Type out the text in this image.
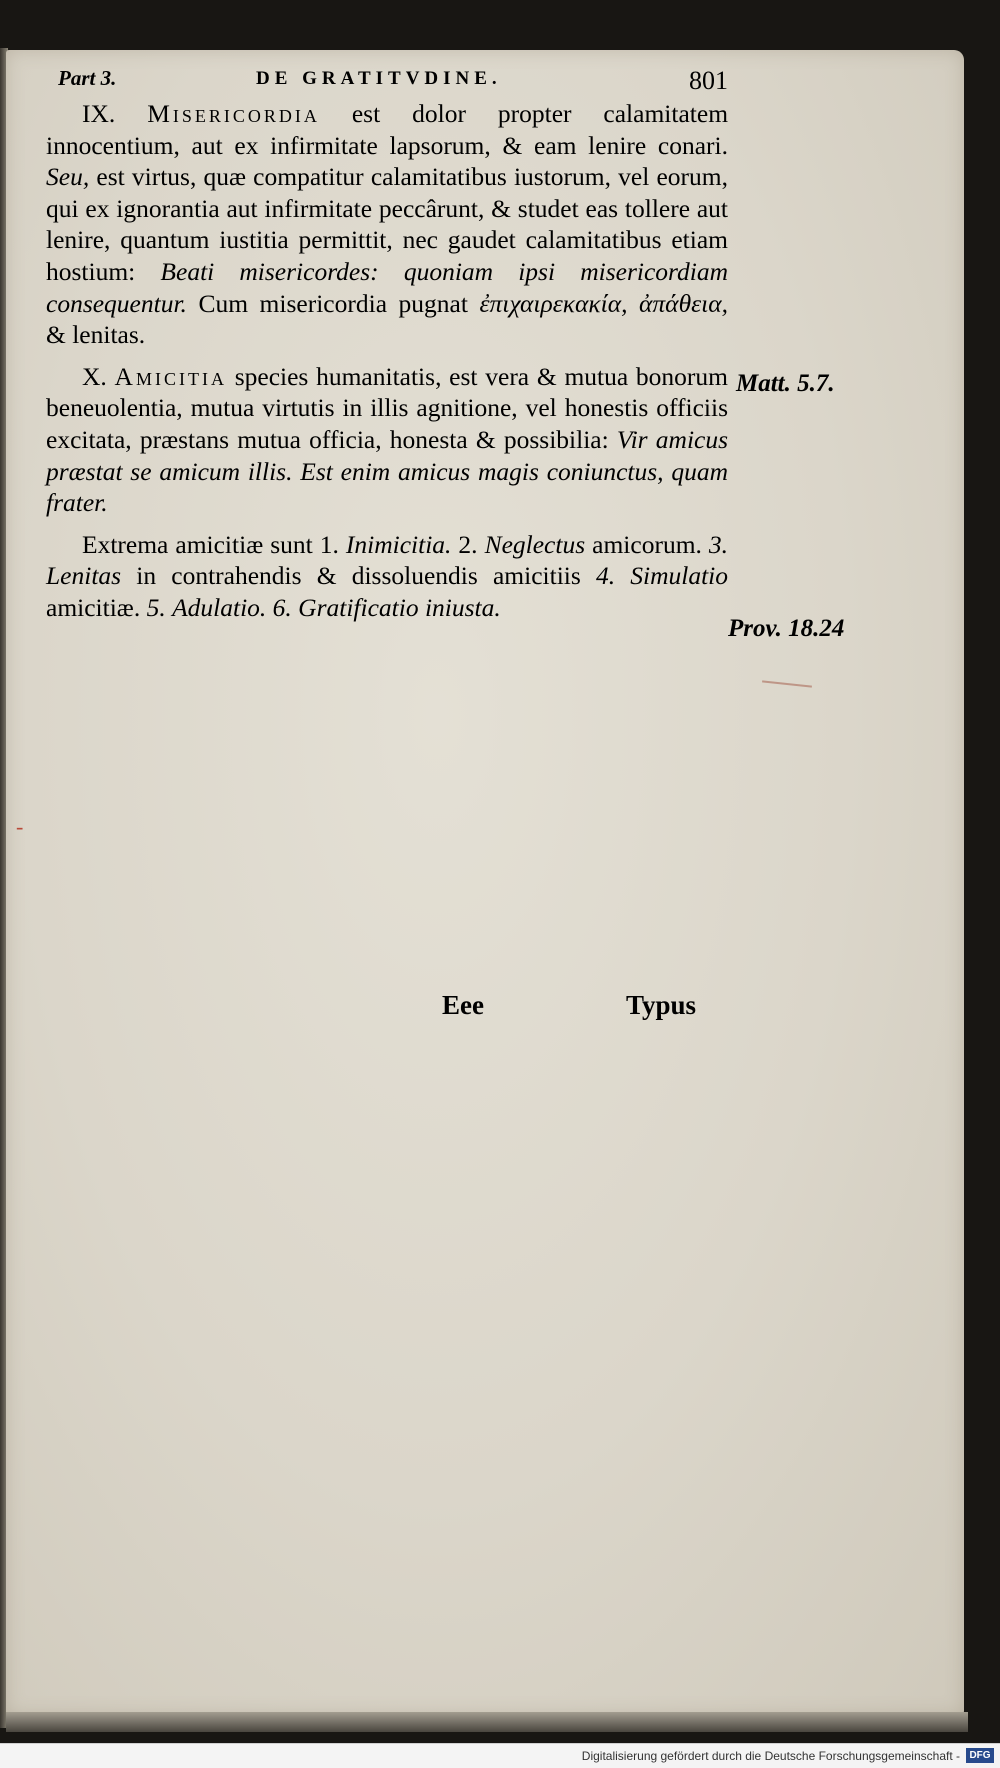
Part 3.	DE GRATITVDINE.	801

IX. Misericordia est dolor propter calamitatem innocentium, aut ex infirmitate lapsorum, & eam lenire conari. Seu, est virtus, quæ compatitur calamitatibus iustorum, vel eorum, qui ex ignorantia aut infirmitate peccârunt, & studet eas tollere aut lenire, quantum iustitia permittit, nec gaudet calamitatibus etiam hostium: Beati misericordes: quoniam ipsi misericordiam consequentur. Cum misericordia pugnat ἐπιχαιρεκακία, ἀπάθεια, & lenitas.

X. Amicitia species humanitatis, est vera & mutua bonorum beneuolentia, mutua virtutis in illis agnitione, vel honestis officiis excitata, præstans mutua officia, honesta & possibilia: Vir amicus præstat se amicum illis. Est enim amicus magis coniunctus, quam frater.

Extrema amicitiæ sunt 1. Inimicitia. 2. Neglectus amicorum. 3. Lenitas in contrahendis & dissoluendis amicitiis 4. Simulatio amicitiæ. 5. Adulatio. 6. Gratificatio iniusta.

Matt. 5.7.
Prov. 18.24
-
Eee	Typus
Digitalisierung gefördert durch die Deutsche Forschungsgemeinschaft - DFG
